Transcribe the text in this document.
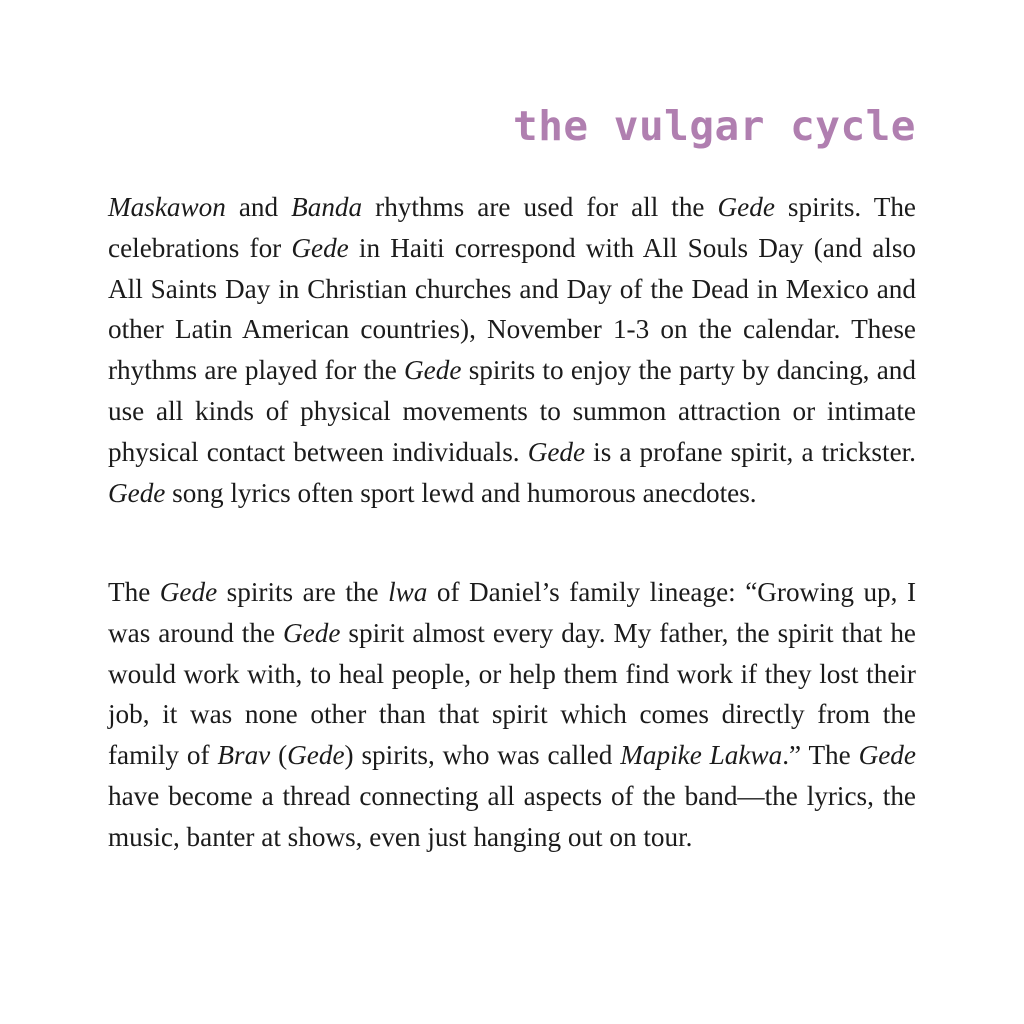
the vulgar cycle

Maskawon and Banda rhythms are used for all the Gede spirits. The celebrations for Gede in Haiti correspond with All Souls Day (and also All Saints Day in Christian churches and Day of the Dead in Mexico and other Latin American countries), November 1-3 on the calendar. These rhythms are played for the Gede spirits to enjoy the party by dancing, and use all kinds of physical movements to summon attraction or intimate physical contact between individuals. Gede is a profane spirit, a trickster. Gede song lyrics often sport lewd and humorous anecdotes.

The Gede spirits are the lwa of Daniel’s family lineage: “Growing up, I was around the Gede spirit almost every day. My father, the spirit that he would work with, to heal people, or help them find work if they lost their job, it was none other than that spirit which comes directly from the family of Brav (Gede) spirits, who was called Mapike Lakwa.” The Gede have become a thread connecting all aspects of the band—the lyrics, the music, banter at shows, even just hanging out on tour.
